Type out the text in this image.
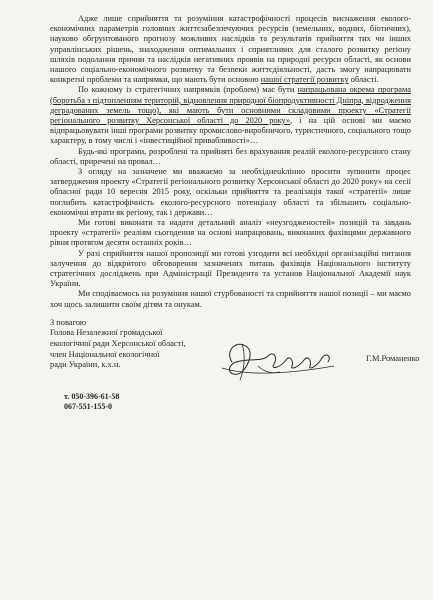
Адже лише сприйняття та розуміння катастрофічності процесів виснаження еколого-економічних параметрів головних життєзабезпечуючих ресурсів (земельних, водних, біотичних), науково обгрунтованого прогнозу можливих наслідків та результатів прийняття тих чи інших управлінських рішень, знаходження оптимальних і сприятливих для сталого розвитку регіону шляхів подолання причин та наслідків негативних проявів на природні ресурси області, як основи нашого соціально-економічного розвитку та безпеки життєдіяльності, дасть змогу напрацювати конкретні проблеми та напрямки, що мають бути основою нашої стратегії розвитку області.

По кожному із стратегічних напрямків (проблем) має бути напрацьована окрема програма (боротьба з підтопленням територій, відновлення природної біопродуктивності Дніпра, відродження деградованих земель тощо), які мають бути основними складовими проекту «Стратегії регіонального розвитку Херсонської області до 2020 року», і на цій основі ми маємо відпрацьовувати інші програми розвитку промислово-виробничого, туристичного, соціального тощо характеру, в тому числі і «інвестиційної привабливості»…

Будь-які програми, розроблені та прийняті без врахування реалій еколого-ресурсного стану області, приречені на провал…

З огляду на зазначене ми вважаємо за необхіднеukлінно просити зупинити процес затвердження проекту «Стратегії регіонального розвитку Херсонської області до 2020 року» на сесії обласної ради 10 вересня 2015 року, оскільки прийняття та реалізація такої «стратегії» лише поглибить катастрофічність еколого-ресурсного потенціалу області та збільшить соціально-економічні втрати як регіону, так і держави…

Ми готові виконати та надати детальний аналіз «неузгодженостей» позицій та завдань проекту «стратегії» реаліям сьогодення на основі напрацювань, виконаних фахівцями державного рівня протягом десяти останніх років…

У разі сприйняття нашої пропозиції ми готові узгодити всі необхідні організаційні питання залучення до відкритого обговорення зазначених питань фахівців Національного інституту стратегічних досліджень при Адміністрації Президента та установ Національної Академії наук України.

Ми сподіваємось на розуміння нашої стурбованості та сприйняття нашої позиції – ми маємо хоч щось залишити своїм дітям та онукам.

З повагою
Голова Незалежної громадської
екологічної ради Херсонської області,
член Національної екологічної
ради України, к.х.н.
Г.М.Романенко
т. 050-396-61-58
067-551-155-0
